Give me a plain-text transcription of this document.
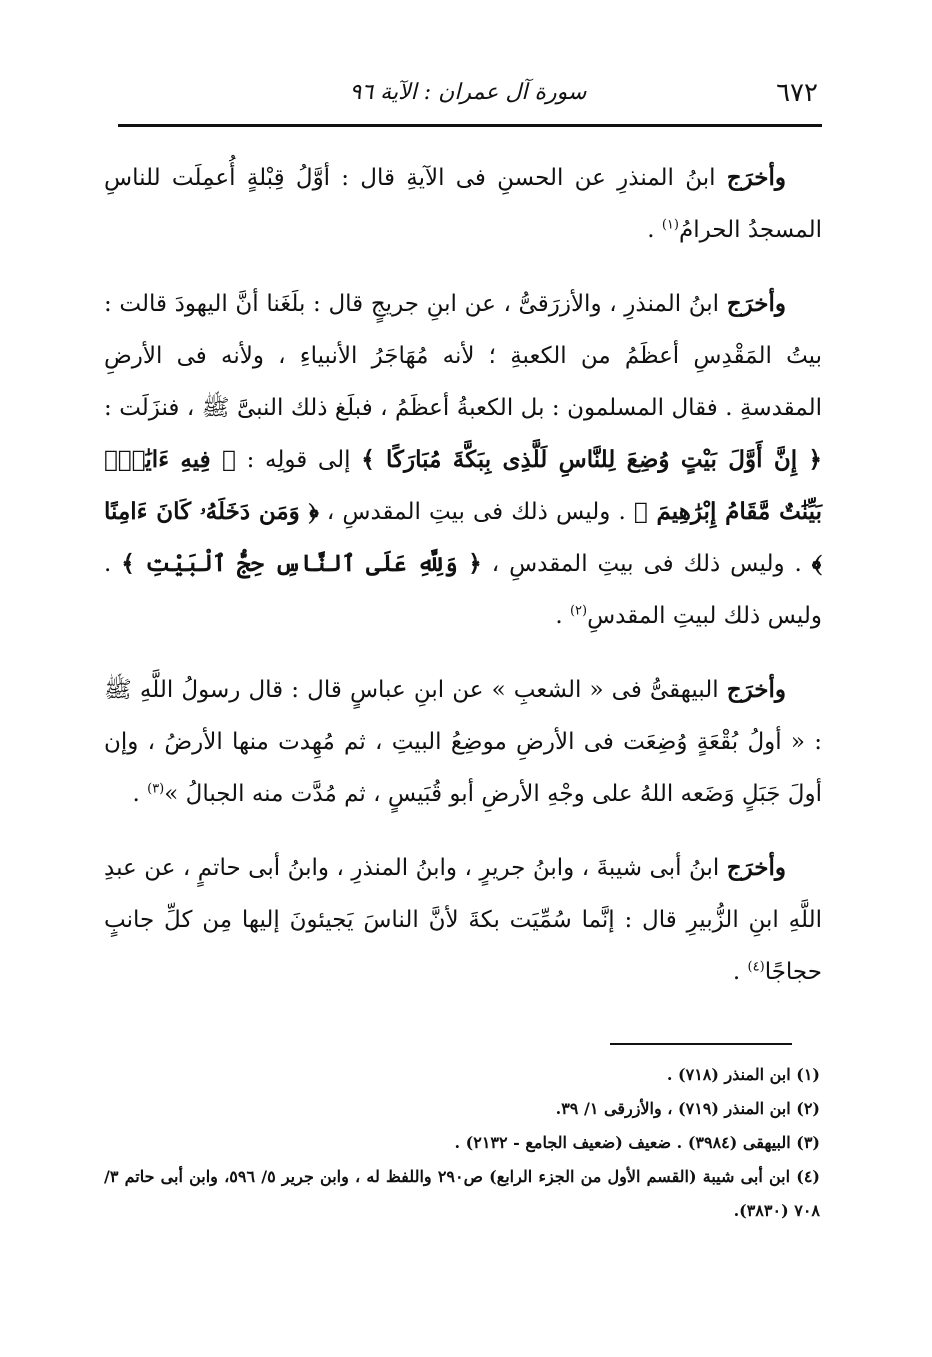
٦٧٢
سورة آل عمران : الآية ٩٦

وأخرَج ابنُ المنذرِ عن الحسنِ فى الآيةِ قال : أوَّلُ قِبْلةٍ أُعمِلَت للناسِ المسجدُ الحرامُ$^{(١)}$ .

وأخرَج ابنُ المنذرِ ، والأزرَقىُّ ، عن ابنِ جريجٍ قال : بلَغَنا أنَّ اليهودَ قالت : بيتُ المَقْدِسِ أعظَمُ من الكعبةِ ؛ لأنه مُهَاجَرُ الأنبياءِ ، ولأنه فى الأرضِ المقدسةِ . فقال المسلمون : بل الكعبةُ أعظَمُ ، فبلَغ ذلك النبىَّ ﷺ ، فنزَلَت : ﴿ إِنَّ أَوَّلَ بَيْتٍ وُضِعَ لِلنَّاسِ لَلَّذِى بِبَكَّةَ مُبَارَكًا ﴾ إلى قولِه : ﴿ فِيهِ ءَايَٰتٌۢ بَيِّنَٰتٌ مَّقَامُ إِبْرَٰهِيمَ ﴾ . وليس ذلك فى بيتِ المقدسِ ، ﴿ وَمَن دَخَلَهُۥ كَانَ ءَامِنًا ﴾ . وليس ذلك فى بيتِ المقدسِ ، ﴿ وَلِلَّهِ عَلَى ٱلنَّاسِ حِجُّ ٱلْبَيْتِ ﴾ . وليس ذلك لبيتِ المقدسِ$^{(٢)}$ .

وأخرَج البيهقىُّ فى « الشعبِ » عن ابنِ عباسٍ قال : قال رسولُ اللَّهِ ﷺ : « أولُ بُقْعَةٍ وُضِعَت فى الأرضِ موضِعُ البيتِ ، ثم مُهِدت منها الأرضُ ، وإن أولَ جَبَلٍ وَضَعه اللهُ على وجْهِ الأرضِ أبو قُبَيسٍ ، ثم مُدَّت منه الجبالُ »$^{(٣)}$ .

وأخرَج ابنُ أبى شيبةَ ، وابنُ جريرٍ ، وابنُ المنذرِ ، وابنُ أبى حاتمٍ ، عن عبدِ اللَّهِ ابنِ الزُّبيرِ قال : إنَّما سُمِّيَت بكةَ لأنَّ الناسَ يَجيئونَ إليها مِن كلِّ جانبٍ حجاجًا$^{(٤)}$ .

(١) ابن المنذر (٧١٨) .
(٢) ابن المنذر (٧١٩) ، والأزرقى ١/ ٣٩.
(٣) البيهقى (٣٩٨٤) . ضعيف (ضعيف الجامع - ٢١٣٢) .
(٤) ابن أبى شيبة (القسم الأول من الجزء الرابع) ص٢٩٠ واللفظ له ، وابن جرير ٥/ ٥٩٦، وابن أبى حاتم ٣/ ٧٠٨ (٣٨٣٠).
